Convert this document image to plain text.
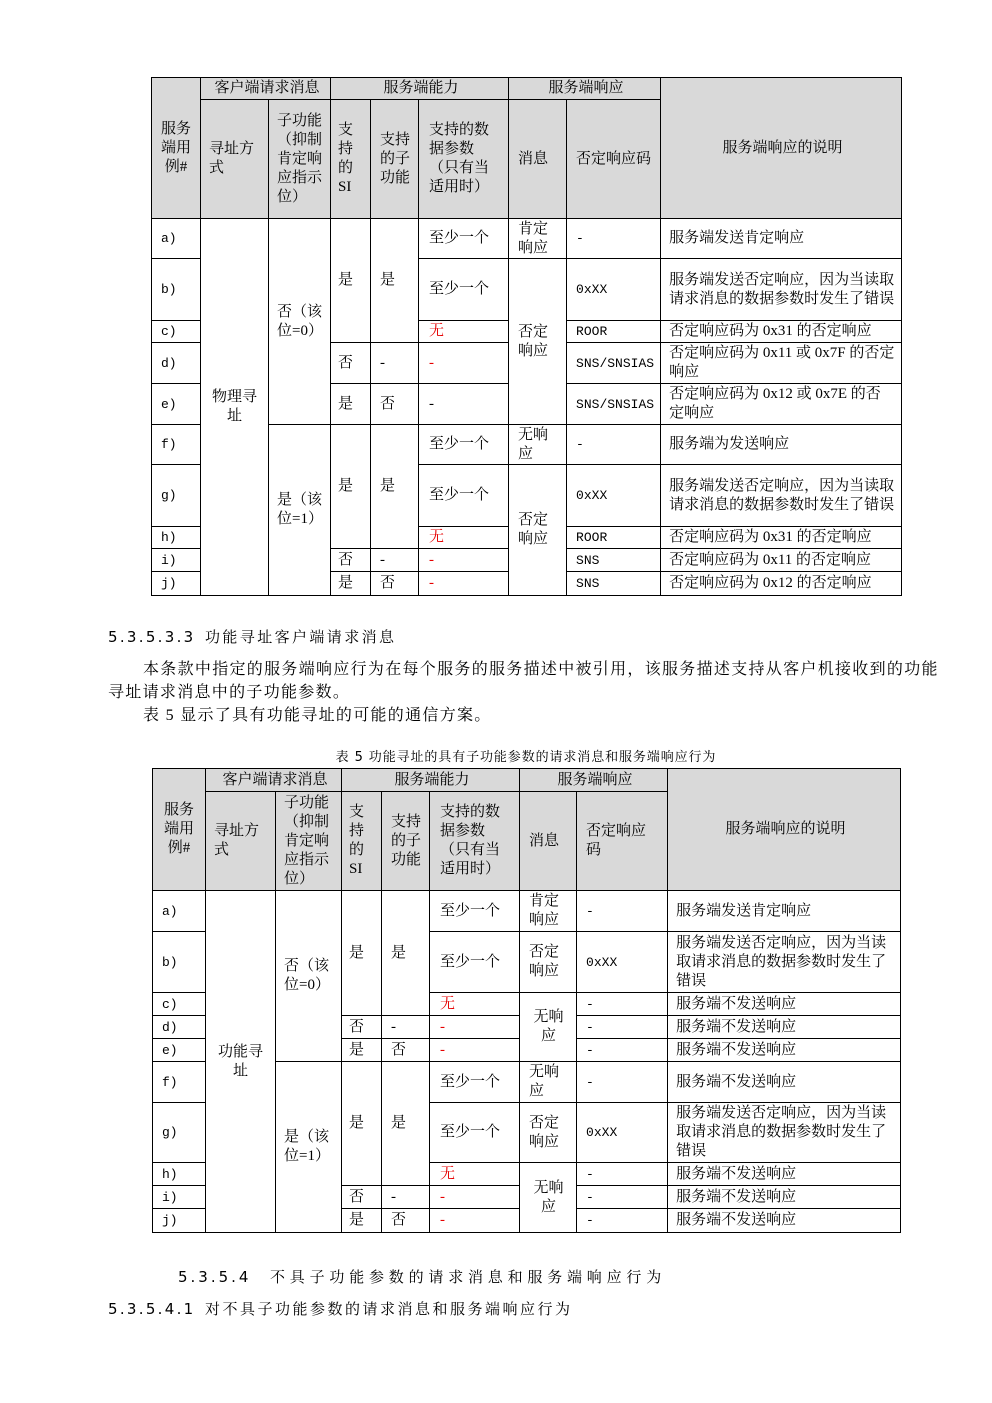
服务端用例#	客户端请求消息		服务端能力			服务端响应		服务端响应的说明
	寻址方式	子功能（抑制肯定响应指示位）	支持的SI	支持的子功能	支持的数据参数（只有当适用时）	消息	否定响应码	
a)	物理寻址	否（该位=0）	是	是	至少一个	肯定响应	-	服务端发送肯定响应
b)					至少一个	否定响应	0xXX	服务端发送否定响应，因为当读取请求消息的数据参数时发生了错误
c)					无		ROOR	否定响应码为 0x31 的否定响应
d)			否	-	-		SNS/SNSIAS	否定响应码为 0x11 或 0x7F 的否定响应
e)			是	否	-		SNS/SNSIAS	否定响应码为 0x12 或 0x7E 的否定响应
f)		是（该位=1）	是	是	至少一个	无响应	-	服务端为发送响应
g)					至少一个	否定响应	0xXX	服务端发送否定响应，因为当读取请求消息的数据参数时发生了错误
h)					无		ROOR	否定响应码为 0x31 的否定响应
i)			否	-	-		SNS	否定响应码为 0x11 的否定响应
j)			是	否	-		SNS	否定响应码为 0x12 的否定响应
5.3.5.3.3 功能寻址客户端请求消息

本条款中指定的服务端响应行为在每个服务的服务描述中被引用，该服务描述支持从客户机接收到的功能寻址请求消息中的子功能参数。

表 5 显示了具有功能寻址的可能的通信方案。

表 5 功能寻址的具有子功能参数的请求消息和服务端响应行为
服务端用例#	客户端请求消息		服务端能力			服务端响应		服务端响应的说明
	寻址方式	子功能（抑制肯定响应指示位）	支持的SI	支持的子功能	支持的数据参数（只有当适用时）	消息	否定响应码	
a)	功能寻址	否（该位=0）	是	是	至少一个	肯定响应	-	服务端发送肯定响应
b)					至少一个	否定响应	0xXX	服务端发送否定响应，因为当读取请求消息的数据参数时发生了错误
c)					无	无响应	-	服务端不发送响应
d)			否	-	-		-	服务端不发送响应
e)			是	否	-		-	服务端不发送响应
f)		是（该位=1）	是	是	至少一个	无响应	-	服务端不发送响应
g)					至少一个	否定响应	0xXX	服务端发送否定响应，因为当读取请求消息的数据参数时发生了错误
h)					无	无响应	-	服务端不发送响应
i)			否	-	-		-	服务端不发送响应
j)			是	否	-		-	服务端不发送响应
5.3.5.4 不具子功能参数的请求消息和服务端响应行为
5.3.5.4.1 对不具子功能参数的请求消息和服务端响应行为
